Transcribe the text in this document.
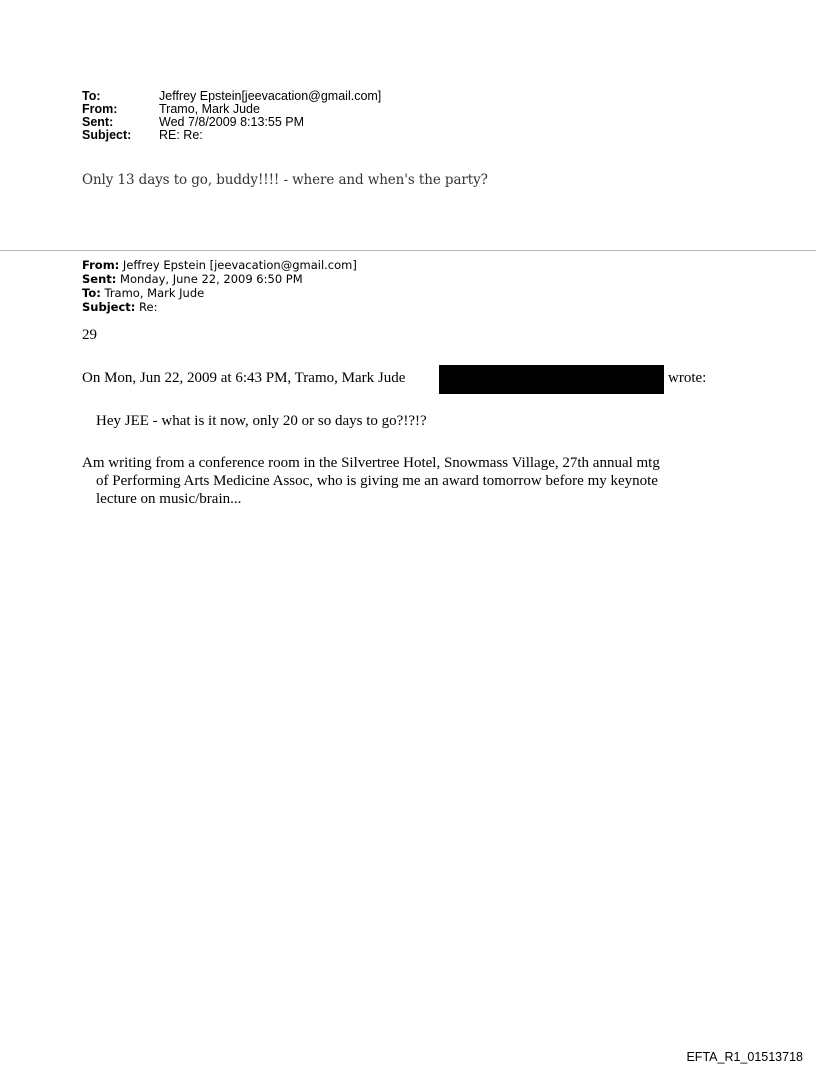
To:	Jeffrey Epstein[jeevacation@gmail.com]
From:	Tramo, Mark Jude
Sent:	Wed 7/8/2009 8:13:55 PM
Subject:	RE: Re:
Only 13 days to go, buddy!!!! - where and when's the party?
From: Jeffrey Epstein [jeevacation@gmail.com]
Sent: Monday, June 22, 2009 6:50 PM
To: Tramo, Mark Jude
Subject: Re:
29
On Mon, Jun 22, 2009 at 6:43 PM, Tramo, Mark Jude	wrote:
Hey JEE - what is it now, only 20 or so days to go?!?!?
Am writing from a conference room in the Silvertree Hotel, Snowmass Village, 27th annual mtg
of Performing Arts Medicine Assoc, who is giving me an award tomorrow before my keynote
lecture on music/brain...
EFTA_R1_01513718
